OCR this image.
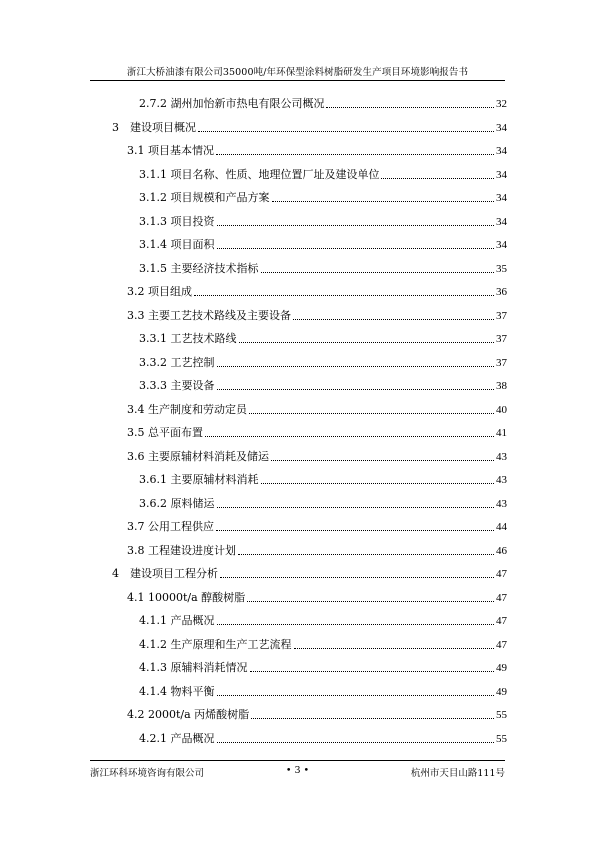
浙江大桥油漆有限公司35000吨/年环保型涂料树脂研发生产项目环境影响报告书
2.7.2 湖州加怡新市热电有限公司概况	32
3　建设项目概况	34
3.1 项目基本情况	34
3.1.1 项目名称、性质、地理位置厂址及建设单位	34
3.1.2 项目规模和产品方案	34
3.1.3 项目投资	34
3.1.4 项目面积	34
3.1.5 主要经济技术指标	35
3.2 项目组成	36
3.3 主要工艺技术路线及主要设备	37
3.3.1 工艺技术路线	37
3.3.2 工艺控制	37
3.3.3 主要设备	38
3.4 生产制度和劳动定员	40
3.5 总平面布置	41
3.6 主要原辅材料消耗及储运	43
3.6.1 主要原辅材料消耗	43
3.6.2 原料储运	43
3.7 公用工程供应	44
3.8 工程建设进度计划	46
4　建设项目工程分析	47
4.1 10000t/a 醇酸树脂	47
4.1.1 产品概况	47
4.1.2 生产原理和生产工艺流程	47
4.1.3 原辅料消耗情况	49
4.1.4 物料平衡	49
4.2 2000t/a 丙烯酸树脂	55
4.2.1 产品概况	55
浙江环科环境咨询有限公司	• 3 •	杭州市天目山路111号
